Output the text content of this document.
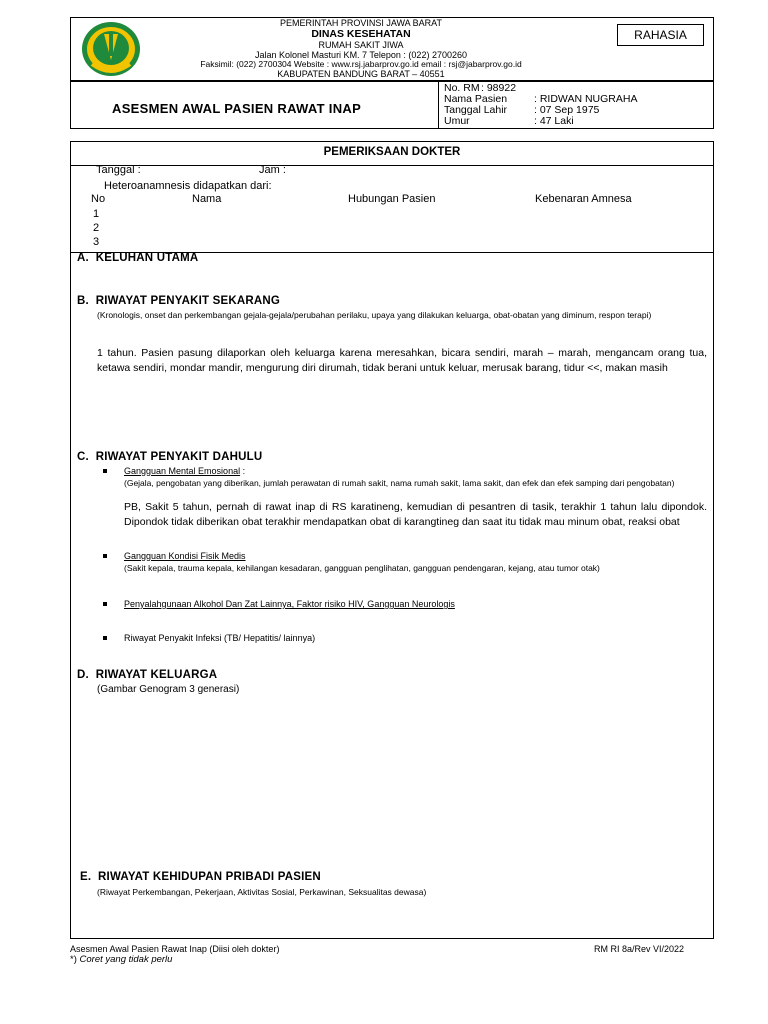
PEMERINTAH PROVINSI JAWA BARAT
DINAS KESEHATAN
RUMAH SAKIT JIWA
Jalan Kolonel Masturi KM. 7 Telepon : (022) 2700260
Faksimil: (022) 2700304 Website : www.rsj.jabarprov.go.id email : rsj@jabarprov.go.id
KABUPATEN BANDUNG BARAT – 40551
RAHASIA
ASESMEN AWAL PASIEN RAWAT INAP
No. RM : 98922
Nama Pasien	: RIDWAN NUGRAHA
Tanggal Lahir	: 07 Sep 1975
Umur	: 47 Laki
PEMERIKSAAN DOKTER
Tanggal :	Jam :
Heteroanamnesis didapatkan dari:
No	Nama	Hubungan Pasien	Kebenaran Amnesa
1
2
3
A.  KELUHAN UTAMA
B.  RIWAYAT PENYAKIT SEKARANG
(Kronologis, onset dan perkembangan gejala-gejala/perubahan perilaku, upaya yang dilakukan keluarga, obat-obatan yang diminum, respon terapi)
1 tahun. Pasien pasung dilaporkan oleh keluarga karena meresahkan, bicara sendiri, marah – marah, mengancam orang tua, ketawa sendiri, mondar mandir, mengurung diri dirumah, tidak berani untuk keluar, merusak barang, tidur <<, makan masih
C.  RIWAYAT PENYAKIT DAHULU
Gangguan Mental Emosional :
(Gejala, pengobatan yang diberikan, jumlah perawatan di rumah sakit, nama rumah sakit, lama sakit, dan efek dan efek samping dari pengobatan)
PB, Sakit 5 tahun, pernah di rawat inap di RS karatineng, kemudian di pesantren di tasik, terakhir 1 tahun lalu dipondok. Dipondok tidak diberikan obat terakhir mendapatkan obat di karangtineg dan saat itu tidak mau minum obat, reaksi obat
Gangguan Kondisi Fisik Medis
(Sakit kepala, trauma kepala, kehilangan kesadaran, gangguan penglihatan, gangguan pendengaran, kejang, atau tumor otak)
Penyalahgunaan Alkohol Dan Zat Lainnya, Faktor risiko HIV, Gangguan Neurologis
Riwayat Penyakit Infeksi (TB/ Hepatitis/ lainnya)
D.  RIWAYAT KELUARGA
(Gambar Genogram 3 generasi)
E.  RIWAYAT KEHIDUPAN PRIBADI PASIEN
(Riwayat Perkembangan, Pekerjaan, Aktivitas Sosial, Perkawinan, Seksualitas dewasa)
Asesmen Awal Pasien Rawat Inap (Diisi oleh dokter)	RM RI 8a/Rev VI/2022
*) Coret yang tidak perlu
